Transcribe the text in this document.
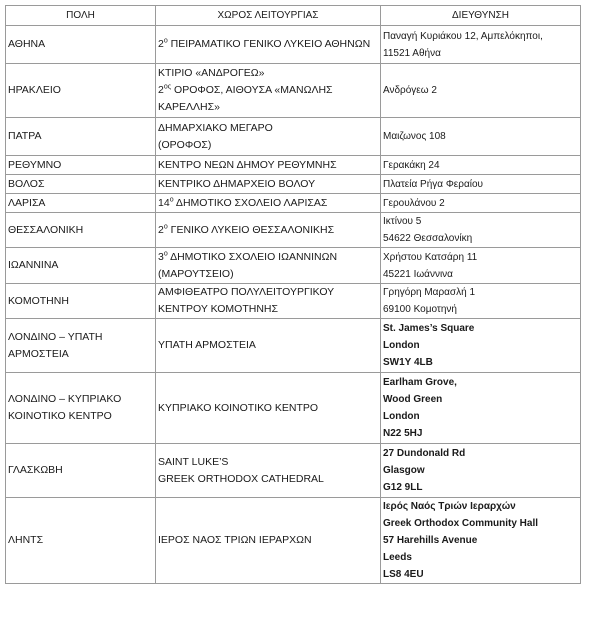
ΠΟΛΗ	ΧΩΡΟΣ ΛΕΙΤΟΥΡΓΙΑΣ	ΔΙΕΥΘΥΝΣΗ
ΑΘΗΝΑ	$2^o$ ΠΕΙΡΑΜΑΤΙΚΟ ΓΕΝΙΚΟ ΛΥΚΕΙΟ ΑΘΗΝΩΝ	Παναγή Κυριάκου 12, Αμπελόκηποι,
11521 Αθήνα

ΗΡΑΚΛΕΙΟ	ΚΤΙΡΙΟ «ΑΝΔΡΟΓΕΩ»
$2^{o\varsigma}$ ΟΡΟΦΟΣ, ΑΙΘΟΥΣΑ «ΜΑΝΩΛΗΣ
ΚΑΡΕΛΛΗΣ»	Ανδρόγεω 2

ΠΑΤΡΑ	ΔΗΜΑΡΧΙΑΚΟ ΜΕΓΑΡΟ
(ΟΡΟΦΟΣ)	Μαιζωνος 108

ΡΕΘΥΜΝΟ	ΚΕΝΤΡΟ ΝΕΩΝ ΔΗΜΟΥ ΡΕΘΥΜΝΗΣ	Γερακάκη 24

ΒΟΛΟΣ	ΚΕΝΤΡΙΚΟ ΔΗΜΑΡΧΕΙΟ ΒΟΛΟΥ	Πλατεία Ρήγα Φεραίου

ΛΑΡΙΣΑ	$14^o$ ΔΗΜΟΤΙΚΟ ΣΧΟΛΕΙΟ ΛΑΡΙΣΑΣ	Γερουλάνου 2

ΘΕΣΣΑΛΟΝΙΚΗ	$2^o$ ΓΕΝΙΚΟ ΛΥΚΕΙΟ ΘΕΣΣΑΛΟΝΙΚΗΣ	Ικτίνου 5
54622 Θεσσαλονίκη

ΙΩΑΝΝΙΝΑ	$3^o$ ΔΗΜΟΤΙΚΟ ΣΧΟΛΕΙΟ ΙΩΑΝΝΙΝΩΝ
(ΜΑΡΟΥΤΣΕΙΟ)	Χρήστου Κατσάρη 11
45221 Ιωάννινα

ΚΟΜΟΤΗΝΗ	ΑΜΦΙΘΕΑΤΡΟ ΠΟΛΥΛΕΙΤΟΥΡΓΙΚΟΥ
ΚΕΝΤΡΟΥ ΚΟΜΟΤΗΝΗΣ	Γρηγόρη Μαρασλή 1
69100 Κομοτηνή

ΛΟΝΔΙΝΟ – ΥΠΑΤΗ ΑΡΜΟΣΤΕΙΑ	ΥΠΑΤΗ ΑΡΜΟΣΤΕΙΑ	St. James’s Square
London
SW1Y 4LB

ΛΟΝΔΙΝΟ – ΚΥΠΡΙΑΚΟ ΚΟΙΝΟΤΙΚΟ ΚΕΝΤΡΟ	ΚΥΠΡΙΑΚΟ ΚΟΙΝΟΤΙΚΟ ΚΕΝΤΡΟ	Earlham Grove,
Wood Green
London
N22 5HJ

ΓΛΑΣΚΩΒΗ	SAINT LUKE’S
GREEK ORTHODOX CATHEDRAL	27 Dundonald Rd
Glasgow
G12 9LL

ΛΗΝΤΣ	ΙΕΡΟΣ ΝΑΟΣ ΤΡΙΩΝ ΙΕΡΑΡΧΩΝ	Ιερός Ναός Τριών Ιεραρχών
Greek Orthodox Community Hall
57 Harehills Avenue
Leeds
LS8 4EU
